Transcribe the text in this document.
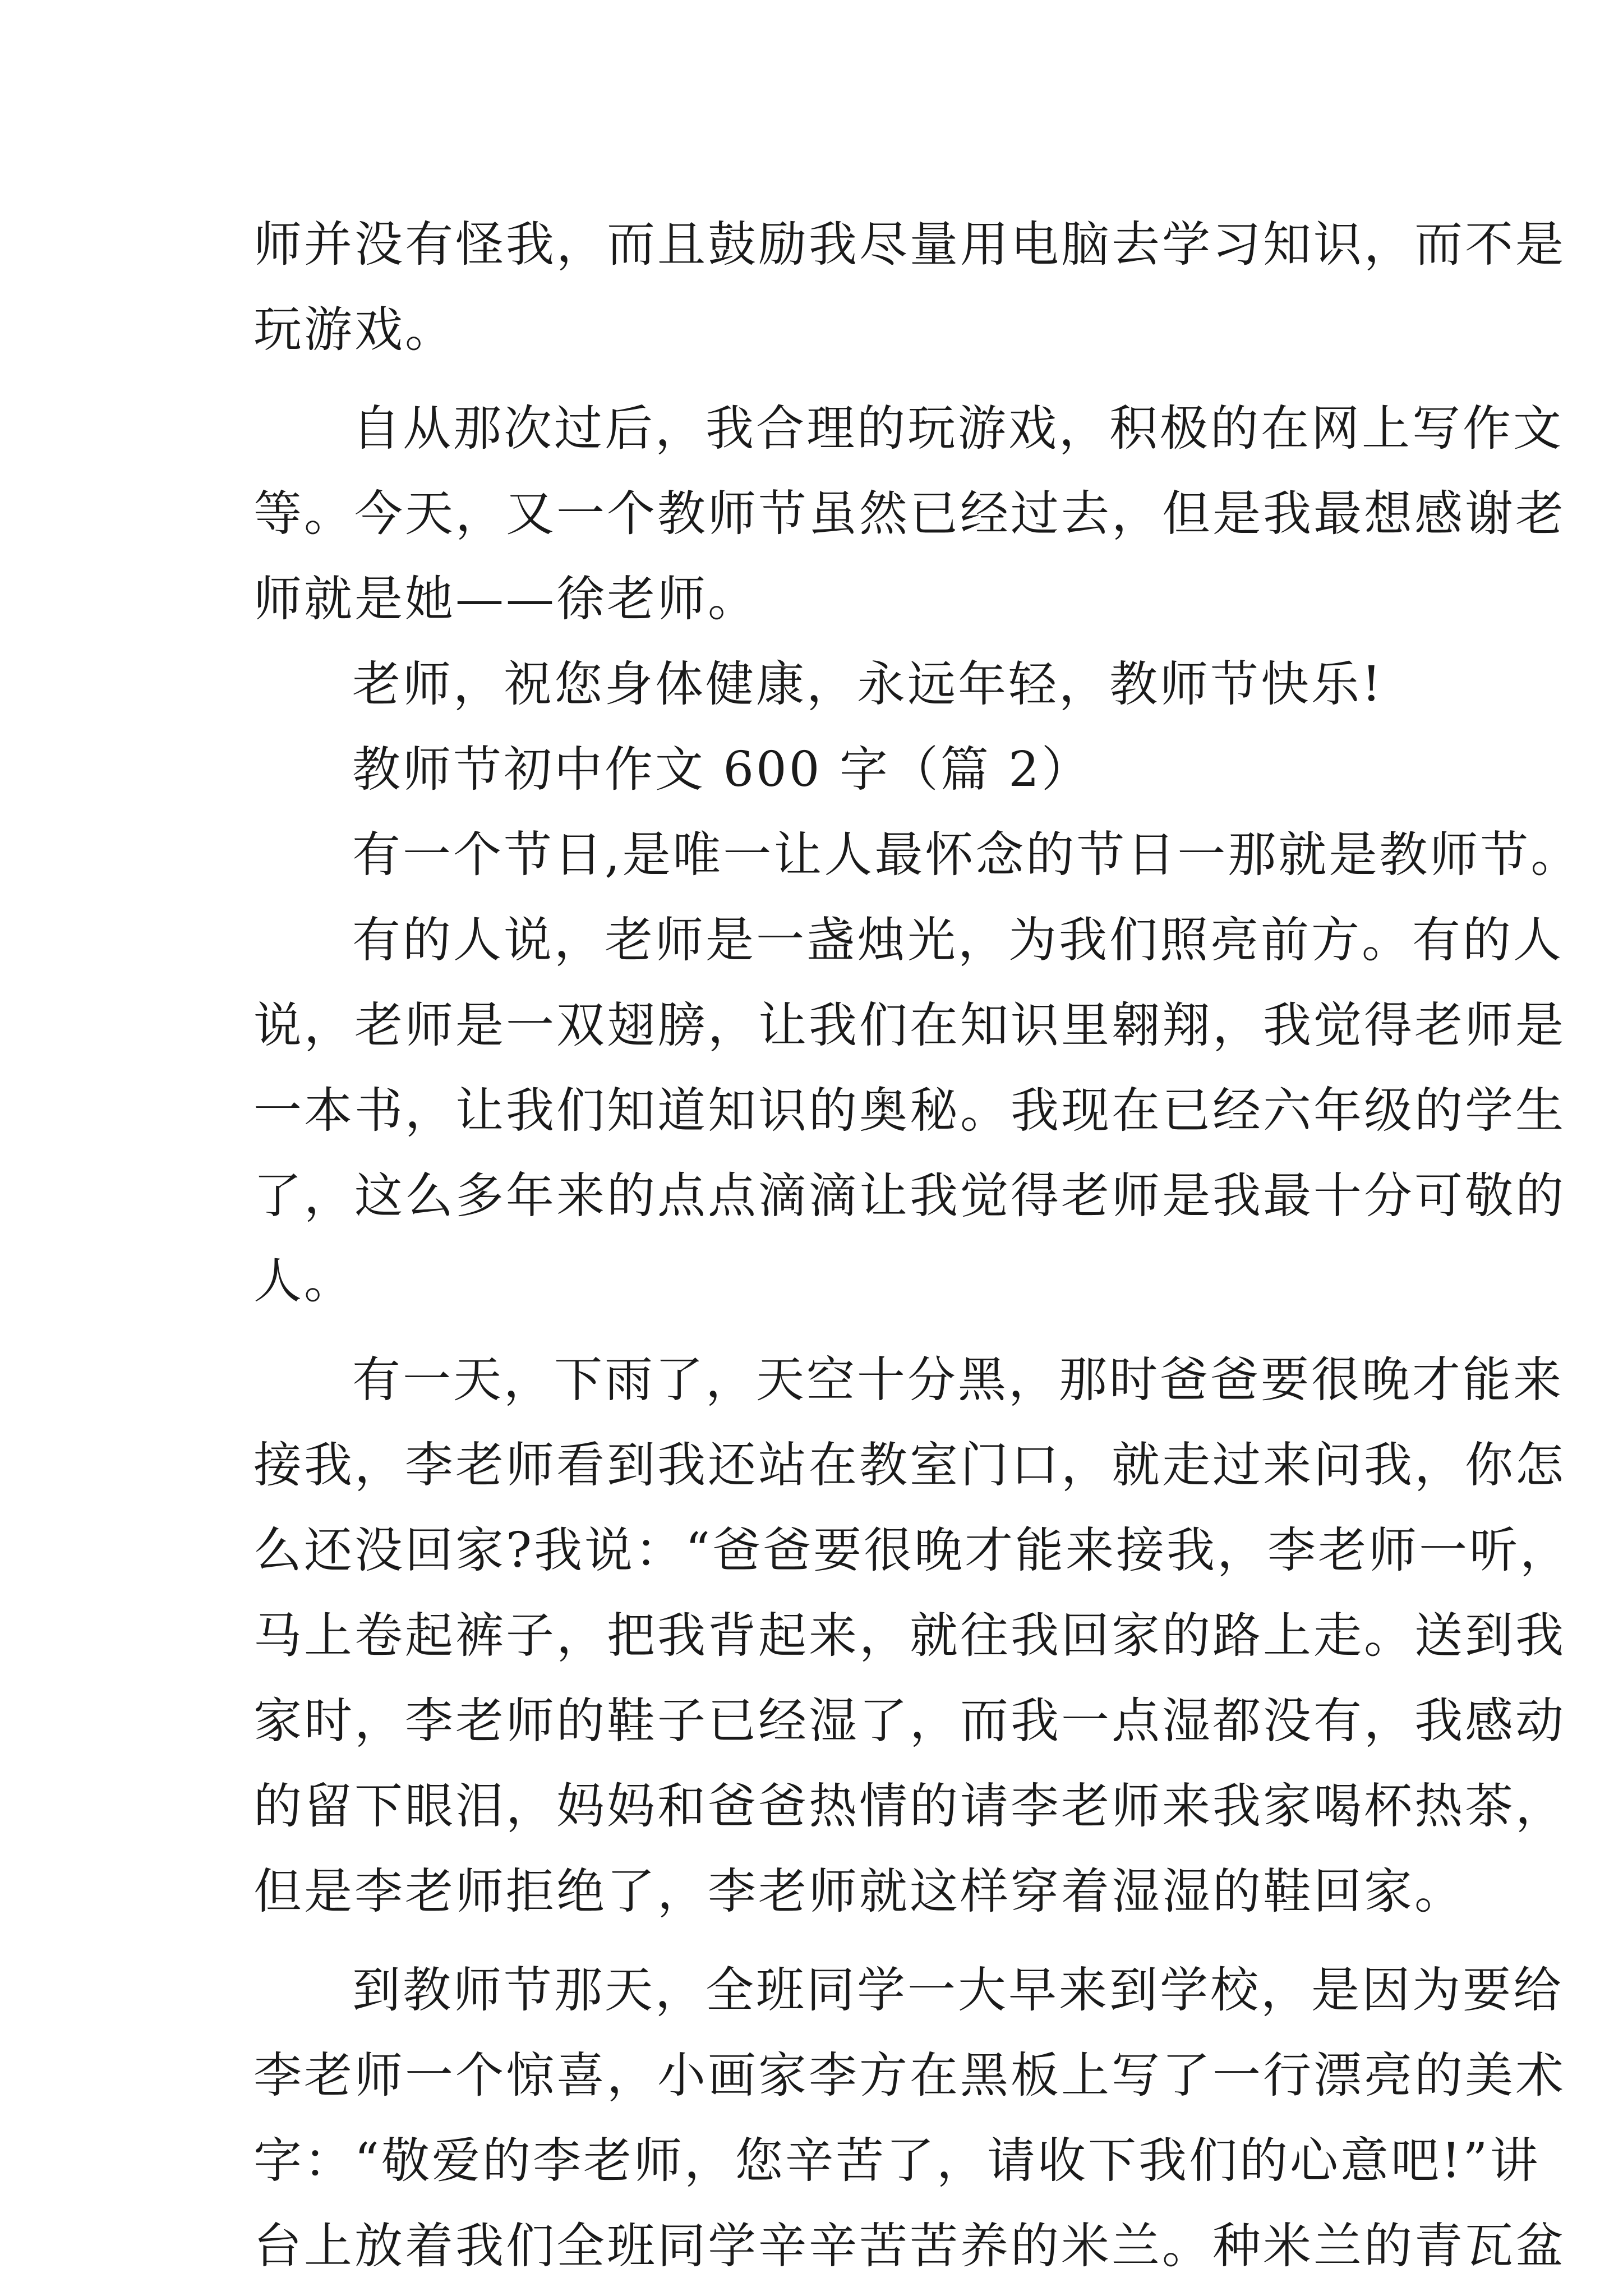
师并没有怪我，而且鼓励我尽量用电脑去学习知识，而不是
玩游戏。
自从那次过后，我合理的玩游戏，积极的在网上写作文
等。今天，又一个教师节虽然已经过去，但是我最想感谢老
师就是她——徐老师。
老师，祝您身体健康，永远年轻，教师节快乐!
教师节初中作文 600 字（篇 2）
有一个节日,是唯一让人最怀念的节日一那就是教师节。
有的人说，老师是一盏烛光，为我们照亮前方。有的人
说，老师是一双翅膀，让我们在知识里翱翔，我觉得老师是
一本书，让我们知道知识的奥秘。我现在已经六年级的学生
了，这么多年来的点点滴滴让我觉得老师是我最十分可敬的
人。
有一天，下雨了，天空十分黑，那时爸爸要很晚才能来
接我，李老师看到我还站在教室门口，就走过来问我，你怎
么还没回家?我说：“爸爸要很晚才能来接我，李老师一听，
马上卷起裤子，把我背起来，就往我回家的路上走。送到我
家时，李老师的鞋子已经湿了，而我一点湿都没有，我感动
的留下眼泪，妈妈和爸爸热情的请李老师来我家喝杯热茶，
但是李老师拒绝了，李老师就这样穿着湿湿的鞋回家。
到教师节那天，全班同学一大早来到学校，是因为要给
李老师一个惊喜，小画家李方在黑板上写了一行漂亮的美术
字：“敬爱的李老师，您辛苦了，请收下我们的心意吧!”讲
台上放着我们全班同学辛辛苦苦养的米兰。种米兰的青瓦盆
